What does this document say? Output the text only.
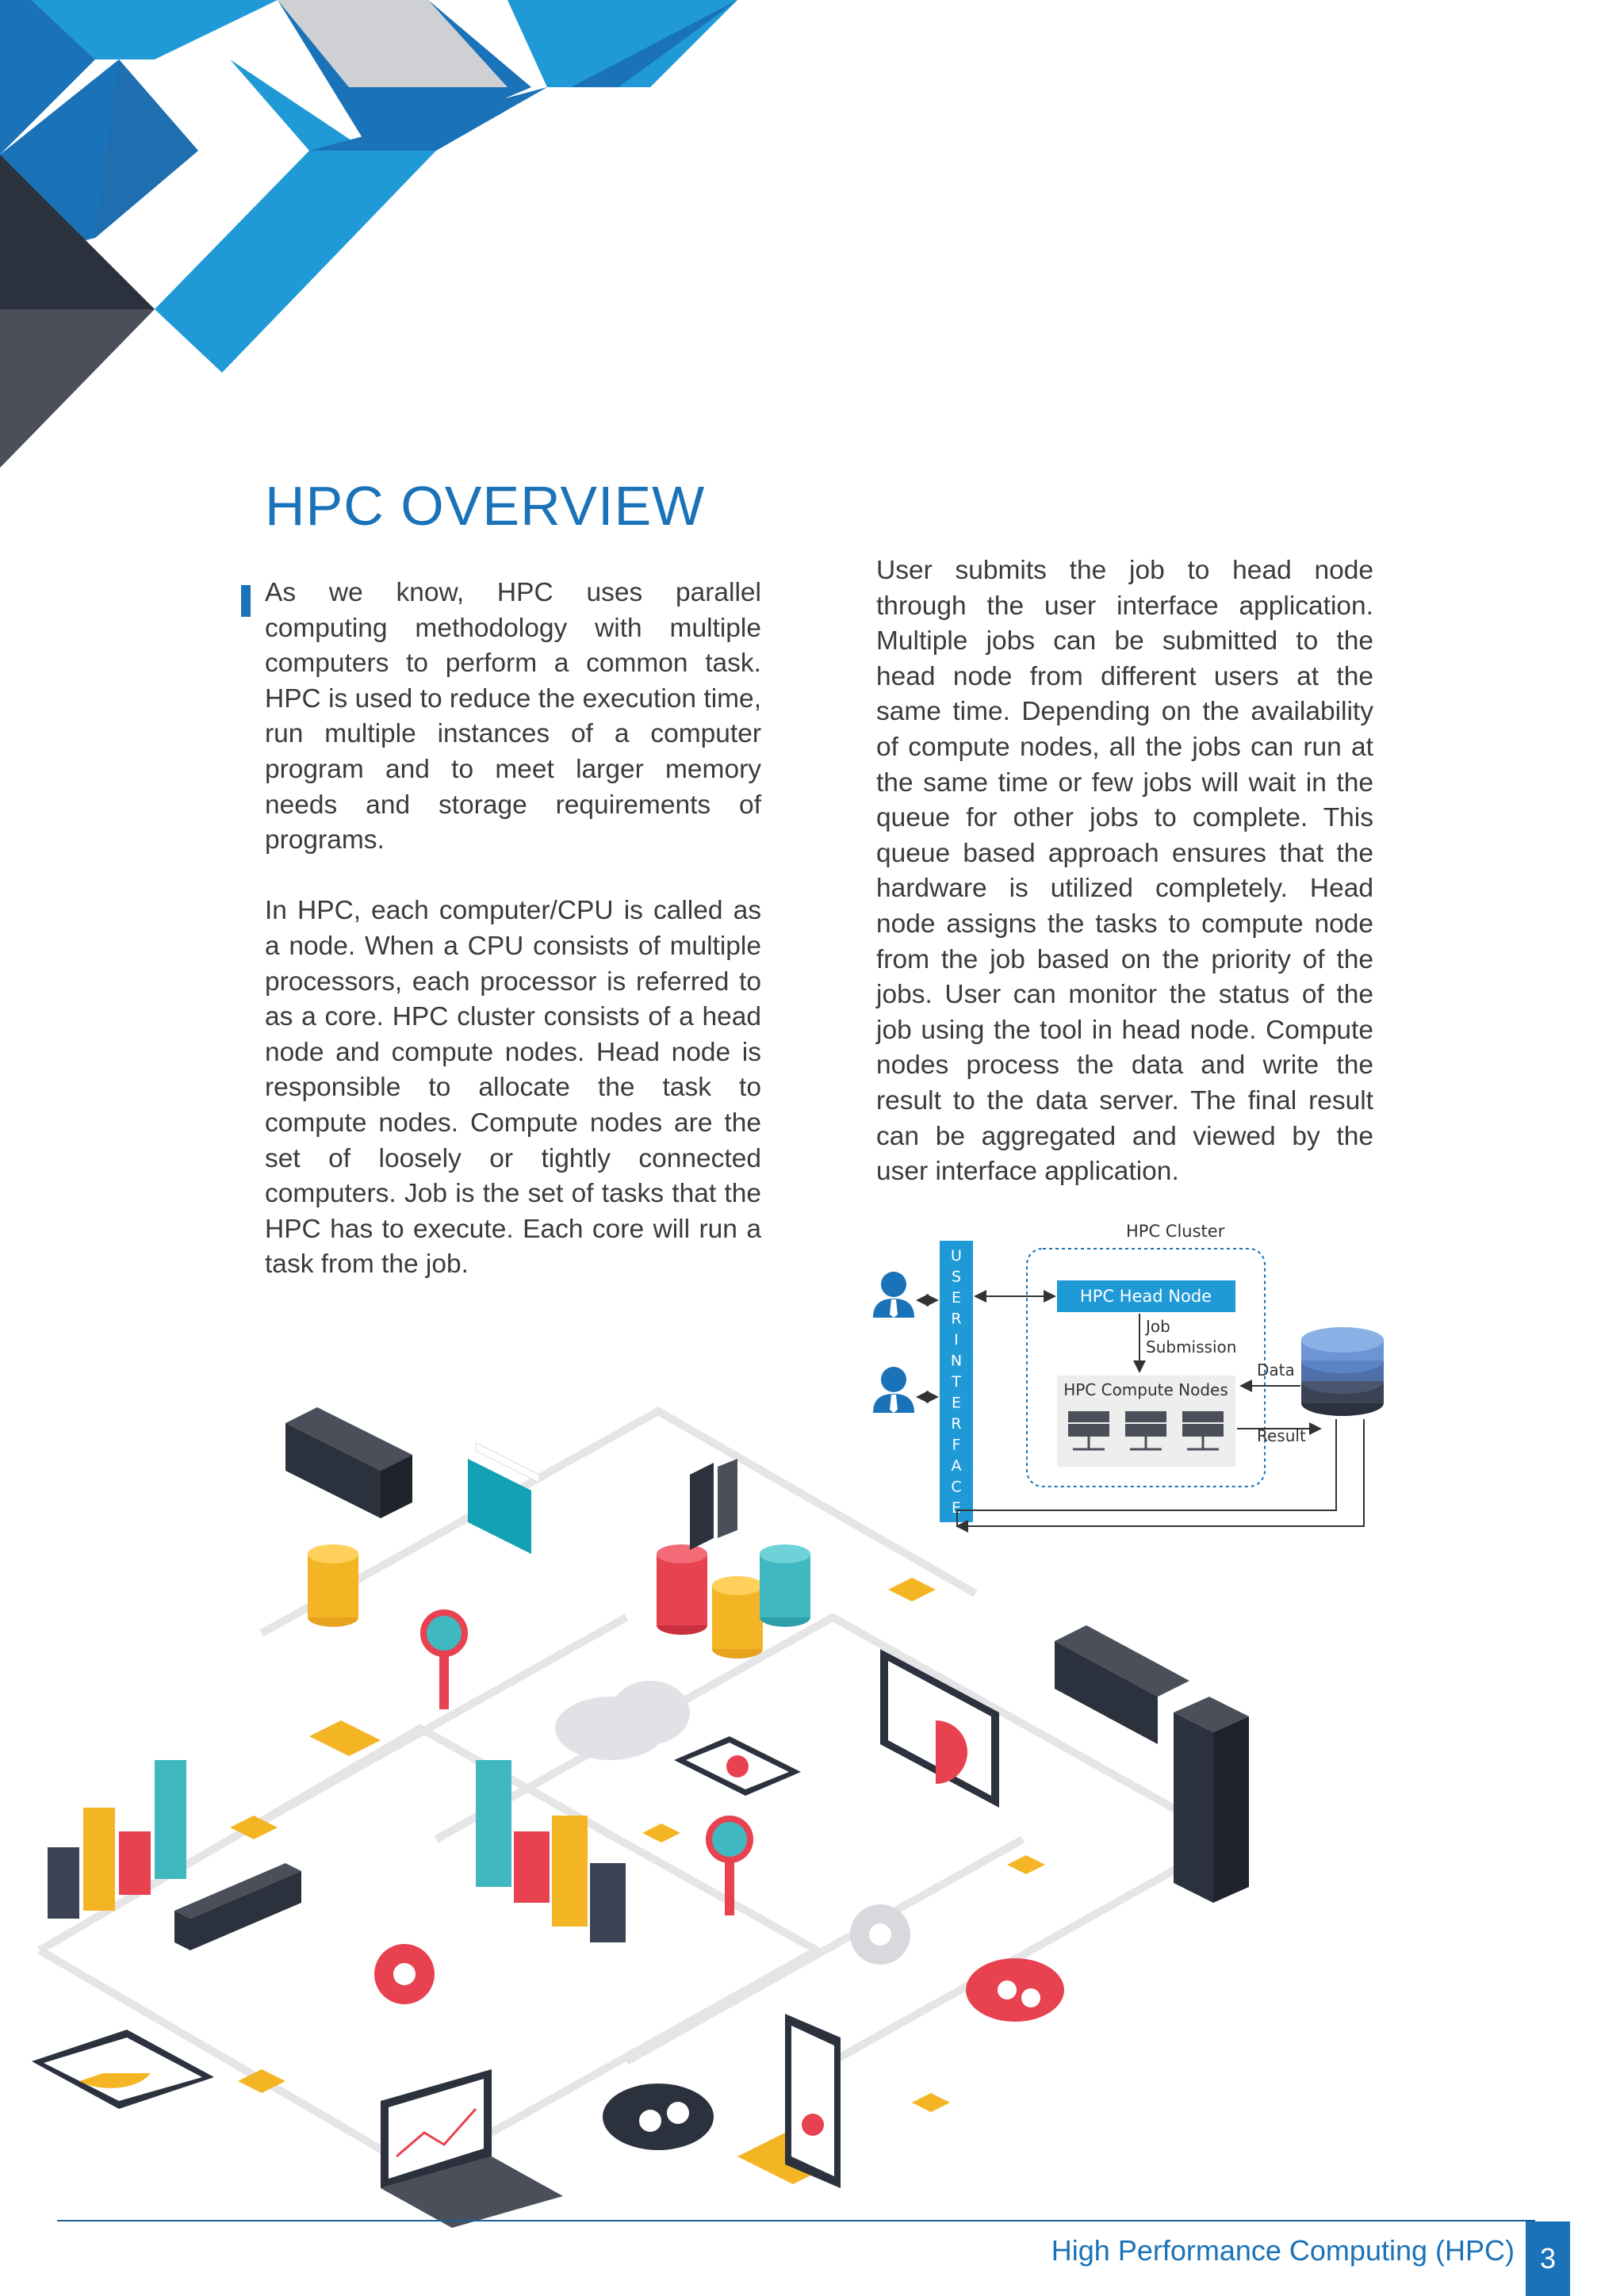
HPC OVERVIEW

As we know, HPC uses parallel computing methodology with multiple computers to perform a common task. HPC is used to reduce the execution time, run multiple instances of a computer program and to meet larger memory needs and storage requirements of programs.

In HPC, each computer/CPU is called as a node. When a CPU consists of multiple processors, each processor is referred to as a core. HPC cluster consists of a head node and compute nodes. Head node is responsible to allocate the task to compute nodes. Compute nodes are the set of loosely or tightly connected computers. Job is the set of tasks that the HPC has to execute. Each core will run a task from the job.

User submits the job to head node through the user interface application. Multiple jobs can be submitted to the head node from different users at the same time. Depending on the availability of compute nodes, all the jobs can run at the same time or few jobs will wait in the queue for other jobs to complete. This queue based approach ensures that the hardware is utilized completely. Head node assigns the tasks to compute node from the job based on the priority of the jobs. User can monitor the status of the job using the tool in head node. Compute nodes process the data and write the result to the data server. The final result can be aggregated and viewed by the user interface application.

HPC Cluster
U
S
E
R
I
N
T
E
R
F
A
C
E
HPC Head Node
Job
Submission
HPC Compute Nodes
Data
Result
High Performance Computing (HPC) 3
